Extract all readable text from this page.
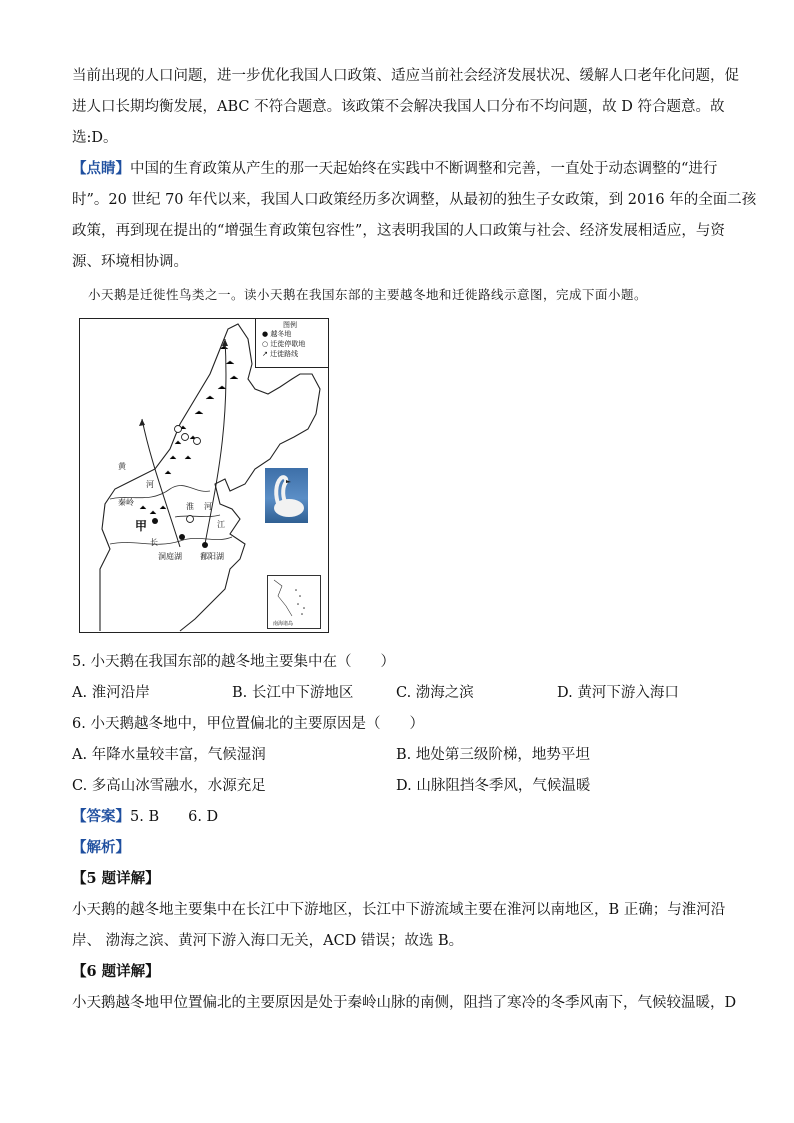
当前出现的人口问题，进一步优化我国人口政策、适应当前社会经济发展状况、缓解人口老年化问题，促
进人口长期均衡发展，ABC 不符合题意。该政策不会解决我国人口分布不均问题，故 D 符合题意。故
选:D。
【点睛】中国的生育政策从产生的那一天起始终在实践中不断调整和完善，一直处于动态调整的“进行
时”。20 世纪 70 年代以来，我国人口政策经历多次调整，从最初的独生子女政策，到 2016 年的全面二孩
政策，再到现在提出的“增强生育政策包容性”，这表明我国的人口政策与社会、经济发展相适应，与资
源、环境相协调。
小天鹅是迁徙性鸟类之一。读小天鹅在我国东部的主要越冬地和迁徙路线示意图，完成下面小题。
图例
● 越冬地
○ 迁徙停歇地
↗ 迁徙路线
黄
河
秦岭
甲
长
淮 河
江
洞庭湖 鄱阳湖
南海诸岛
5. 小天鹅在我国东部的越冬地主要集中在（　　）
A. 淮河沿岸	B. 长江中下游地区	C. 渤海之滨	D. 黄河下游入海口
6. 小天鹅越冬地中，甲位置偏北的主要原因是（　　）
A. 年降水量较丰富，气候湿润	B. 地处第三级阶梯，地势平坦
C. 多高山冰雪融水，水源充足	D. 山脉阻挡冬季风，气候温暖
【答案】5. B　　6. D
【解析】
【5 题详解】
小天鹅的越冬地主要集中在长江中下游地区，长江中下游流域主要在淮河以南地区，B 正确；与淮河沿
岸、 渤海之滨、黄河下游入海口无关，ACD 错误；故选 B。
【6 题详解】
小天鹅越冬地甲位置偏北的主要原因是处于秦岭山脉的南侧，阻挡了寒冷的冬季风南下，气候较温暖，D
